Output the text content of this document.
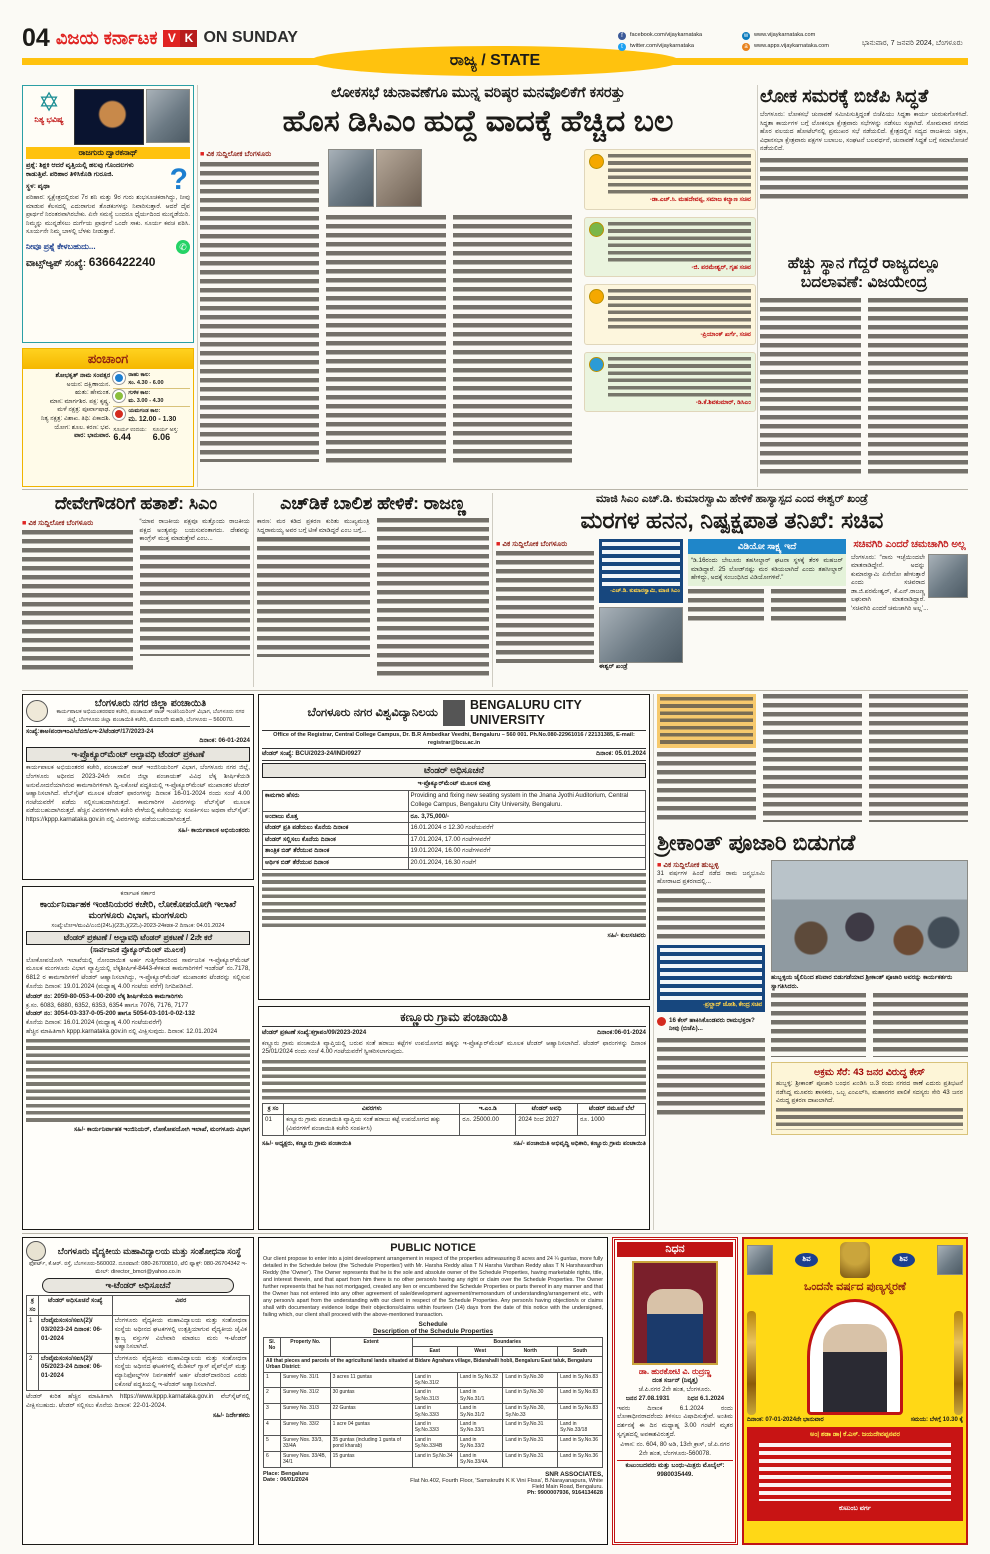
04 ವಿಜಯ ಕರ್ನಾಟಕ V K ON SUNDAY
ರಾಜ್ಯ / STATE
f	facebook.com/vijaykarnataka
t	twitter.com/vijaykarnataka
w	www.vijaykarnataka.com
a	www.apps.vijaykarnataka.com	ಭಾನುವಾರ, 7 ಜನವರಿ 2024, ಬೆಂಗಳೂರು
✡
ನಿತ್ಯ ಭವಿಷ್ಯ
ರಾಜಗುರು ದ್ವಾರಕನಾಥ್
?
ಪ್ರಶ್ನೆ: ಶಿಕ್ಷಕಿ ಆದರೆ ವೃತ್ತಿಯಲ್ಲಿ ಹಲವು ಗೊಂದಲಗಳು ಕಾಡುತ್ತಿವೆ. ಪರಿಹಾರ ತಿಳಿಸಿಕೊಡಿ ಗುರೂಜಿ.
ಸ್ಥಳ: ಪೃಥಾ
ಪರಿಹಾರ: ಸ್ವಕ್ಷೇತ್ರದಲ್ಲಿರುವ 7ರ ಶನಿ ಮತ್ತು 9ರ ಗುರು ಶುಭಸೂಚಕರಾಗಿದ್ದು, ನೀವು ಮಾಡುವ ಕೆಲಸದಲ್ಲಿ ಎದುರಾಗುವ ತೊಡಕುಗಳನ್ನು ನಿವಾರಿಸುತ್ತಾರೆ. ಆದರೆ ದೈವ ಪ್ರಾರ್ಥನೆ ನಿರಂತರವಾಗಿರಬೇಕು. ಏನೇ ಸಮಸ್ಯೆ ಬಂದರೂ ಧೈರ್ಯದಿಂದ ಮುನ್ನಡೆಯಿರಿ. ನಿಮ್ಮನ್ನು ಮುನ್ನಡೆಸಲು ದುರ್ಗೆಯ ಪ್ರಾರ್ಥನೆ ಒಂದೇ ಸಾಕು. ಸೂರ್ಯ ಕವಚ ಪಠಿಸಿ. ಸೂರ್ಯನೇ ನಿಮ್ಮ ಬಾಳಲ್ಲಿ ಬೆಳಕು ನೀಡುತ್ತಾನೆ.
ನೀವೂ ಪ್ರಶ್ನೆ ಕೇಳಬಹುದು...	✆
ವಾಟ್ಸ್‌ಆ್ಯಪ್ ಸಂಖ್ಯೆ: 6366422240
ಪಂಚಾಂಗ
ಶೋಭಕೃತ್ ನಾಮ ಸಂವತ್ಸರ
ಅಯನ: ದಕ್ಷಿಣಾಯನ.
ಋತು: ಹೇಮಂತ.
ಮಾಸ: ಮಾರ್ಗಶಿರ. ಪಕ್ಷ: ಕೃಷ್ಣ.
ಮಳೆ ನಕ್ಷತ್ರ: ಪೂರ್ವಾಷಾಢ.
ನಿತ್ಯ ನಕ್ಷತ್ರ: ವಿಶಾಖ. ತಿಥಿ: ಏಕಾದಶಿ.
ಯೋಗ: ಶೂಲ. ಕರಣ: ಭವ.
ವಾರ: ಭಾನುವಾರ.
ರಾಹು ಕಾಲ:
ಸಂ. 4.30 - 6.00
ಗುಳಿಕ ಕಾಲ:
ಮ. 3.00 - 4.30
ಯಮಗಂಡ ಕಾಲ:
ಮ. 12.00 - 1.30
ಸೂರ್ಯ ಉದಯ:
6.44
ಸೂರ್ಯ ಅಸ್ತ:
6.06
ಲೋಕಸಭೆ ಚುನಾವಣೆಗೂ ಮುನ್ನ ವರಿಷ್ಠರ ಮನವೊಲಿಕೆಗೆ ಕಸರತ್ತು
ಹೊಸ ಡಿಸಿಎಂ ಹುದ್ದೆ ವಾದಕ್ಕೆ ಹೆಚ್ಚಿದ ಬಲ
■ ವಿಕ ಸುದ್ದಿಲೋಕ ಬೆಂಗಳೂರು
-ಡಾ.ಎಚ್.ಸಿ. ಮಹದೇವಪ್ಪ, ಸಮಾಜ ಕಲ್ಯಾಣ ಸಚಿವ
-ಜಿ. ಪರಮೇಶ್ವರ್, ಗೃಹ ಸಚಿವ
-ಪ್ರಿಯಾಂಕ್ ಖರ್ಗೆ, ಸಚಿವ
-ಡಿ.ಕೆ.ಶಿವಕುಮಾರ್, ಡಿಸಿಎಂ
ಲೋಕ ಸಮರಕ್ಕೆ ಬಿಜೆಪಿ ಸಿದ್ಧತೆ
ಬೆಂಗಳೂರು: ಲೋಕಸಭೆ ಚುನಾವಣೆ ಸಮೀಪಿಸುತ್ತಿದ್ದಂತೆ ಬಿಜೆಪಿಯು ಸಿದ್ಧತಾ ಕಾರ್ಯ ಚುರುಕುಗೊಳಿಸಿದೆ. ಸಿದ್ಧತಾ ಕಾರ್ಯಗಳ ಬಗ್ಗೆ ಲೋಕಸಭಾ ಕ್ಷೇತ್ರವಾರು ಸಭೆಗಳನ್ನು ನಡೆಸಲು ಸಜ್ಜಾಗಿದೆ. ಸೋಮವಾರ ನಗರದ ಹೊರ ವಲಯದ ಹೋಟೆಲ್‌ನಲ್ಲಿ ಪ್ರಮುಖರ ಸಭೆ ನಡೆಯಲಿದೆ. ಕ್ಷೇತ್ರದಲ್ಲಿನ ಸದ್ಯದ ರಾಜಕೀಯ ಚಿತ್ರಣ, ವಿಧಾನಸಭಾ ಕ್ಷೇತ್ರವಾರು ಪಕ್ಷಗಳ ಬಲಾಬಲ, ಸಂಘಟನೆ ಬಲವರ್ಧನೆ, ಚುನಾವಣೆ ಸಿದ್ಧತೆ ಬಗ್ಗೆ ಸಮಾಲೋಚನೆ ನಡೆಯಲಿದೆ.
ಹೆಚ್ಚು ಸ್ಥಾನ ಗೆದ್ದರೆ ರಾಜ್ಯದಲ್ಲೂ ಬದಲಾವಣೆ: ವಿಜಯೇಂದ್ರ
ದೇವೇಗೌಡರಿಗೆ ಹತಾಶೆ: ಸಿಎಂ
■ ವಿಕ ಸುದ್ದಿಲೋಕ ಬೆಂಗಳೂರು	“ಯಾವ ರಾಜಕೀಯ ಪಕ್ಷವೂ ಮತ್ತೊಂದು ರಾಜಕೀಯ ಪಕ್ಷದ ಅಂತ್ಯವನ್ನು ಬಯಸುವಂತಾಗದು. ದೇಶವನ್ನು ಕಾಂಗ್ರೆಸ್ ಮುಕ್ತ ಮಾಡುತ್ತೇವೆ ಎಂಬ...
ಎಚ್‌ಡಿಕೆ ಬಾಲಿಶ ಹೇಳಿಕೆ: ರಾಜಣ್ಣ
ಕಾರಣ: ಮರ ಕಡಿದ ಪ್ರಕರಣ ಕುರಿತು ಮುಖ್ಯಮಂತ್ರಿ ಸಿದ್ದರಾಮಯ್ಯ ಅವರ ಬಗ್ಗೆ ಟೀಕೆ ಮಾಡಿದ್ದರೆ ಎಂಬ ಬಗ್ಗೆ...
ಮಾಜಿ ಸಿಎಂ ಎಚ್.ಡಿ. ಕುಮಾರಸ್ವಾಮಿ ಹೇಳಿಕೆ ಹಾಸ್ಯಾಸ್ಪದ ಎಂದ ಈಶ್ವರ್ ಖಂಡ್ರೆ
ಮರಗಳ ಹನನ, ನಿಷ್ಪಕ್ಷಪಾತ ತನಿಖೆ: ಸಚಿವ
■ ವಿಕ ಸುದ್ದಿಲೋಕ ಬೆಂಗಳೂರು
-ಎಚ್.ಡಿ. ಕುಮಾರಸ್ವಾಮಿ, ಮಾಜಿ ಸಿಎಂ
ಈಶ್ವರ್ ಖಂಡ್ರೆ
ವಿಡಿಯೋ ಸಾಕ್ಷ್ಯ ಇದೆ
“ಡಿ.16ರಂದು ಬೇಲೂರು ತಹಸೀಲ್ದಾರ್ ಘಟನಾ ಸ್ಥಳಕ್ಕೆ ತೆರಳಿ ಮಹಜರ್ ಮಾಡಿದ್ದಾರೆ. 25 ಲೋಡ್‌ನಷ್ಟು ಮರ ಕಡಿಯಲಾಗಿದೆ ಎಂದು ತಹಸೀಲ್ದಾರ್ ಹೇಳಿದ್ದು, ಅದಕ್ಕೆ ಸಂಬಂಧಿಸಿದ ವಿಡಿಯೋಗಳಿವೆ.”
ಸಚಿವಗಿರಿ ಎಂದರೆ ಚಮಚಾಗಿರಿ ಅಲ್ಲ
ಬೆಂಗಳೂರು: “ನಾನು ಇಚ್ಛೆಯಿಂದಲೇ ಮಾತನಾಡಿದ್ದೇನೆ. ಅದನ್ನು ಕುಮಾರಸ್ವಾಮಿ ಏನೇನೋ ಹೇಳುತ್ತಾರೆ ಎಂದು ಸಚಿವರಾದ ಡಾ.ಜಿ.ಪರಮೇಶ್ವರ್, ಕೆ.ಎನ್.ರಾಜಣ್ಣ ಲಘುವಾಗಿ ಮಾತನಾಡಿದ್ದಾರೆ. ‘ಸಚಿವಗಿರಿ ಎಂದರೆ ಚಮಚಾಗಿರಿ ಅಲ್ಲ’...
ಬೆಂಗಳೂರು ನಗರ ಜಿಲ್ಲಾ ಪಂಚಾಯಿತಿ
ಕಾರ್ಯಪಾಲಕ ಅಭಿಯಂತರರವರ ಕಚೇರಿ, ಪಂಚಾಯತ್ ರಾಜ್ ಇಂಜಿನಿಯರಿಂಗ್ ವಿಭಾಗ, ಬೆಂಗಳೂರು ನಗರ ಜಿಲ್ಲೆ, ಬೆಂಗಳೂರು ಜಿಲ್ಲಾ ಪಂಚಾಯಿತಿ ಕಚೇರಿ, ಮೊದಲನೇ ಮಹಡಿ, ಬೆಂಗಳೂರು – 560070.
ಸಂಖ್ಯೆ:ಕಾಅ/ಪಂರಾಇಂವಿ/ಬೆನಜಿ/ಎಇ-2/ಟೆಂಡರ್/17/2023-24
ದಿನಾಂಕ: 06-01-2024
ಇ-ಪ್ರೊಕ್ಯೂರ್‌ಮೆಂಟ್ ಆಲ್ಪಾವಧಿ ಟೆಂಡರ್ ಪ್ರಕಟಣೆ
ಕಾರ್ಯಪಾಲಕ ಅಭಿಯಂತರರ ಕಚೇರಿ, ಪಂಚಾಯತ್ ರಾಜ್ ಇಂಜಿನಿಯರಿಂಗ್ ವಿಭಾಗ, ಬೆಂಗಳೂರು ನಗರ ಜಿಲ್ಲೆ, ಬೆಂಗಳೂರು ಅಧೀನದ 2023-24ನೇ ಸಾಲಿನ ಜಿಲ್ಲಾ ಪಂಚಾಯತ್ ವಿವಿಧ ಲೆಕ್ಕ ಶೀರ್ಷಿಕೆಯಡಿ ಅನುಮೋದನೆಯಾಗಿರುವ ಕಾಮಗಾರಿಗಳಿಗಾಗಿ ದ್ವಿ-ಲಕೋಟೆ ಪದ್ಧತಿಯಲ್ಲಿ ಇ-ಪ್ರೊಕ್ಯೂರ್‌ಮೆಂಟ್ ಮುಖಾಂತರ ಟೆಂಡರ್ ಆಹ್ವಾನಿಸಲಾಗಿದೆ. ವೆಬ್‌ಸೈಟ್ ಮೂಲಕ ಟೆಂಡರ್ ಫಾರಂಗಳನ್ನು ದಿನಾಂಕ 16-01-2024 ರಂದು ಸಂಜೆ 4.00 ಗಂಟೆಯವರೆಗೆ ಪಡೆದು ಸಲ್ಲಿಸಬಹುದಾಗಿರುತ್ತದೆ. ಕಾಮಗಾರಿಗಳ ವಿವರಗಳನ್ನು ವೆಬ್‌ಸೈಟ್ ಮೂಲಕ ಪಡೆಯಬಹುದಾಗಿರುತ್ತದೆ. ಹೆಚ್ಚಿನ ವಿವರಗಳಿಗಾಗಿ ಕಚೇರಿ ವೇಳೆಯಲ್ಲಿ ಕಚೇರಿಯನ್ನು ಸಂಪರ್ಕಿಸಲು ಅಥವಾ ವೆಬ್‌ಸೈಟ್: https://kppp.karnataka.gov.in ನಲ್ಲಿ ವಿವರಗಳನ್ನು ಪಡೆಯಬಹುದಾಗಿರುತ್ತದೆ.
ಸಹಿ/- ಕಾರ್ಯಪಾಲಕ ಅಭಿಯಂತರರು
ಕರ್ನಾಟಕ ಸರ್ಕಾರ
ಕಾರ್ಯನಿರ್ವಾಹಕ ಇಂಜಿನಿಯರರ ಕಚೇರಿ, ಲೋಕೋಪಯೋಗಿ ಇಲಾಖೆ ಮಂಗಳೂರು ವಿಭಾಗ, ಮಂಗಳೂರು
ಸಂಖ್ಯೆ:ಲೋಇ/ಮಂವಿ/ಎಂಬಿ(24ಓ)(23ಓ)(22ಓ)-2023-24ಕಡತ-2 ದಿನಾಂಕ: 04.01.2024
ಟೆಂಡರ್ ಪ್ರಕಟಣೆ / ಅಲ್ಪಾವಧಿ ಟೆಂಡರ್ ಪ್ರಕಟಣೆ / 2ನೇ ಕರೆ
(ಸಾರ್ವಜನಿಕ ಪ್ರೊಕ್ಯೂರ್‌ಮೆಂಟ್ ಮೂಲಕ)
ಲೋಕೋಪಯೋಗಿ ಇಲಾಖೆಯಲ್ಲಿ ನೋಂದಾಯಿತ ಅರ್ಹ ಗುತ್ತಿಗೆದಾರರಿಂದ ಸಾರ್ವಜನಿಕ ಇ-ಪ್ರೊಕ್ಯೂರ್‌ಮೆಂಟ್ ಮೂಲಕ ಮಂಗಳೂರು ವಿಭಾಗ ವ್ಯಾಪ್ತಿಯಲ್ಲಿ ಲೆಕ್ಕಶೀರ್ಷಿಕೆ-8443-ಕೆಳಕಂಡ ಕಾಮಗಾರಿಗಳಿಗೆ ಇಂಡೆಂಟ್ ನಂ.7178, 6812 ರ ಕಾಮಗಾರಿಗಳಿಗೆ ಟೆಂಡರ್ ಆಹ್ವಾನಿಸಲಾಗಿದ್ದು, ಇ-ಪ್ರೊಕ್ಯೂರ್‌ಮೆಂಟ್ ಮುಖಾಂತರ ಟೆಂಡರನ್ನು ಸಲ್ಲಿಸುವ ಕೊನೆಯ ದಿನಾಂಕ: 19.01.2024 (ಮಧ್ಯಾಹ್ನ 4.00 ಗಂಟೆಯ ವರೆಗೆ) ನಿಗದಿಪಡಿಸಿದೆ.
ಟೆಂಡರ್ ನಂ: 2059-80-053-4-00-200 ಲೆಕ್ಕ ಶೀರ್ಷಿಕೆಯಡಿ ಕಾಮಗಾರಿಗಳು
ಕ್ರ.ಸಂ. 6083, 6880, 6352, 6353, 6354 ಹಾಗೂ 7076, 7176, 7177
ಟೆಂಡರ್ ನಂ: 3054-03-337-0-05-200 ಹಾಗೂ 5054-03-101-0-02-132
ಕೊನೆಯ ದಿನಾಂಕ: 16.01.2024 (ಮಧ್ಯಾಹ್ನ 4.00 ಗಂಟೆಯವರೆಗೆ)
ಹೆಚ್ಚಿನ ಮಾಹಿತಿಗಾಗಿ kppp.karnataka.gov.in ನಲ್ಲಿ ವೀಕ್ಷಿಸುವುದು. ದಿನಾಂಕ: 12.01.2024
ಸಹಿ/- ಕಾರ್ಯನಿರ್ವಾಹಕ ಇಂಜಿನಿಯರ್, ಲೋಕೋಪಯೋಗಿ ಇಲಾಖೆ, ಮಂಗಳೂರು ವಿಭಾಗ
ಬೆಂಗಳೂರು ನಗರ ವಿಶ್ವವಿದ್ಯಾನಿಲಯ
BENGALURU CITY UNIVERSITY
Office of the Registrar, Central College Campus, Dr. B.R Ambedkar Veedhi, Bengaluru – 560 001. Ph.No.080-22961016 / 22131385, E-mail: registrar@bcu.ac.in
ಟೆಂಡರ್ ಸಂಖ್ಯೆ: BCU/2023-24/IND/0927	ದಿನಾಂಕ: 05.01.2024
ಟೆಂಡರ್ ಅಧಿಸೂಚನೆ
ಇ-ಪ್ರೊಕ್ಯೂರ್‌ಮೆಂಟ್ ಮೂಲಕ ಮಾತ್ರ
ಕಾಮಗಾರಿ ಹೆಸರು	Providing and fixing new seating system in the Jnana Jyothi Auditorium, Central College Campus, Bengaluru City University, Bengaluru.
ಅಂದಾಜು ಮೊತ್ತ	ರೂ. 3,75,000/-
ಟೆಂಡರ್ ಪ್ರತಿ ಪಡೆಯಲು ಕೊನೆಯ ದಿನಾಂಕ	16.01.2024 ರ 12.30 ಗಂಟೆಯವರೆಗೆ
ಟೆಂಡರ್ ಸಲ್ಲಿಸಲು ಕೊನೆಯ ದಿನಾಂಕ	17.01.2024, 17.00 ಗಂಟೆಗಳವರೆಗೆ
ತಾಂತ್ರಿಕ ಬಿಡ್ ತೆರೆಯುವ ದಿನಾಂಕ	19.01.2024, 16.00 ಗಂಟೆಗಳವರೆಗೆ
ಆರ್ಥಿಕ ಬಿಡ್ ತೆರೆಯುವ ದಿನಾಂಕ	20.01.2024, 16.30 ಗಂಟೆಗೆ
ಸಹಿ/- ಕುಲಸಚಿವರು
ಕಣ್ಣೂರು ಗ್ರಾಮ ಪಂಚಾಯಿತಿ
ಟೆಂಡರ್ ಪ್ರಕಟಣೆ ಸಂಖ್ಯೆ:ಕಗ್ರಾಪಂ/09/2023-2024	ದಿನಾಂಕ:06-01-2024
ಕಣ್ಣೂರು ಗ್ರಾಮ ಪಂಚಾಯಿತಿ ವ್ಯಾಪ್ತಿಯಲ್ಲಿ ಬರುವ ಸಂತೆ ಹರಾಜು ಕಟ್ಟೆಗಳ ಉಪಯೋಗದ ಹಕ್ಕನ್ನು ಇ-ಪ್ರೊಕ್ಯೂರ್‌ಮೆಂಟ್ ಮೂಲಕ ಟೆಂಡರ್ ಆಹ್ವಾನಿಸಲಾಗಿದೆ. ಟೆಂಡರ್ ಫಾರಂಗಳನ್ನು ದಿನಾಂಕ 25/01/2024 ರಂದು ಸಂಜೆ 4.00 ಗಂಟೆಯವರೆಗೆ ಸ್ವೀಕರಿಸಲಾಗುವುದು.
ಕ್ರ ಸಂ	ವಿವರಗಳು	ಇ.ಎಂ.ಡಿ	ಟೆಂಡರ್ ಅವಧಿ	ಟೆಂಡರ್ ನಮೂನೆ ಬೆಲೆ
01	ಕಣ್ಣೂರು ಗ್ರಾಮ ಪಂಚಾಯಿತಿ ವ್ಯಾಪ್ತಿಯ ಸಂತೆ ಹರಾಜು ಕಟ್ಟೆ ಉಪಯೋಗದ ಹಕ್ಕು (ವಿವರಗಳಿಗೆ ಪಂಚಾಯಿತಿ ಕಚೇರಿ ಸಂಪರ್ಕಿಸಿ)	ರೂ. 25000.00	2024 ರಿಂದ 2027	ರೂ. 1000
ಸಹಿ/- ಅಧ್ಯಕ್ಷರು, ಕಣ್ಣೂರು ಗ್ರಾಮ ಪಂಚಾಯಿತಿ	ಸಹಿ/- ಪಂಚಾಯಿತಿ ಅಭಿವೃದ್ಧಿ ಅಧಿಕಾರಿ, ಕಣ್ಣೂರು ಗ್ರಾಮ ಪಂಚಾಯಿತಿ
ಶ್ರೀಕಾಂತ್ ಪೂಜಾರಿ ಬಿಡುಗಡೆ
■ ವಿಕ ಸುದ್ದಿಲೋಕ ಹುಬ್ಬಳ್ಳಿ
31 ವರ್ಷಗಳ ಹಿಂದೆ ನಡೆದ ರಾಮ ಜನ್ಮಭೂಮಿ ಹೋರಾಟದ ಪ್ರಕರಣದಲ್ಲಿ...
-ಪ್ರಲ್ಹಾದ್ ಜೋಶಿ, ಕೇಂದ್ರ ಸಚಿವ
16 ಕೇಸ್ ಹಾಕಿಸಿಕೊಂಡವರು ರಾಮಭಕ್ತರಾ? ನೀವು (ಬಿಜೆಪಿ)...
ಹುಬ್ಬಳ್ಳಿಯ ಜೈಲಿನಿಂದ ಶನಿವಾರ ಬಿಡುಗಡೆಯಾದ ಶ್ರೀಕಾಂತ್ ಪೂಜಾರಿ ಅವರನ್ನು ಕಾರ್ಯಕರ್ತರು ಸ್ವಾಗತಿಸಿದರು.
ಅಕ್ರಮ ಸೆರೆ: 43 ಜನರ ವಿರುದ್ಧ ಕೇಸ್
ಹುಬ್ಬಳ್ಳಿ: ಶ್ರೀಕಾಂತ್ ಪೂಜಾರಿ ಬಂಧನ ಖಂಡಿಸಿ ಜ.3 ರಂದು ನಗರದ ಠಾಣೆ ಎದುರು ಪ್ರತಿಭಟನೆ ನಡೆಸಿದ್ದ ಮೂವರು ಶಾಸಕರು, ಒಬ್ಬ ಎಂಎಲ್‌ಸಿ, ಮಹಾನಗರ ಪಾಲಿಕೆ ಸದಸ್ಯರು ಸೇರಿ 43 ಜನರ ವಿರುದ್ಧ ಪ್ರಕರಣ ದಾಖಲಾಗಿದೆ.
ಬೆಂಗಳೂರು ವೈದ್ಯಕೀಯ ಮಹಾವಿದ್ಯಾಲಯ ಮತ್ತು ಸಂಶೋಧನಾ ಸಂಸ್ಥೆ
ಫೋರ್ಟ್, ಕೆ.ಆರ್. ರಸ್ತೆ, ಬೆಂಗಳೂರು-560002. ದೂರವಾಣಿ: 080-26700810, ಟೆಲಿ ಫ್ಯಾಕ್ಸ್: 080-26704342 ಇ-ಮೇಲ್: director_bmcri@yahoo.co.in
ಇ-ಟೆಂಡರ್ ಅಧಿಸೂಚನೆ
ಕ್ರ ಸಂ	ಟೆಂಡರ್ ಅಧಿಸೂಚನೆ ಸಂಖ್ಯೆ	ವಿವರ
1	ಬೆಂವೈಮಸಂಸಂ/ಸಐಸಿ(2)/ 03/2023-24 ದಿನಾಂಕ: 06-01-2024	ಬೆಂಗಳೂರು ವೈದ್ಯಕೀಯ ಮಹಾವಿದ್ಯಾಲಯ ಮತ್ತು ಸಂಶೋಧನಾ ಸಂಸ್ಥೆಯ ಅಧೀನದ ಘಟಕಗಳಲ್ಲಿ ಉತ್ಪತ್ತಿಯಾಗುವ ವೈದ್ಯಕೀಯ ಜೈವಿಕ ತ್ಯಾಜ್ಯ ವಸ್ತುಗಳ ವಿಲೇವಾರಿ ಮಾಡಲು ಮರು ಇ-ಟೆಂಡರ್ ಅಹ್ವಾನಿಸಲಾಗಿದೆ.
2	ಬೆಂವೈಮಸಂಸಂ/ಸಐಸಿ(2)/ 05/2023-24 ದಿನಾಂಕ: 06-01-2024	ಬೆಂಗಳೂರು ವೈದ್ಯಕೀಯ ಮಹಾವಿದ್ಯಾಲಯ ಮತ್ತು ಸಂಶೋಧನಾ ಸಂಸ್ಥೆಯ ಅಧೀನದ ಘಟಕಗಳಲ್ಲಿ ಮೆಡಿಕಲ್ ಗ್ಯಾಸ್ ಪೈಪ್‌ಲೈನ್ ಮತ್ತು ಮ್ಯಾನಿಫೋಲ್ಡ್‌ಗಳ ನಿರ್ವಹಣೆಗೆ ಅರ್ಹ ಟೆಂಡರ್‌ದಾರರಿಂದ ಎರಡು ಲಕೋಟೆ ಪದ್ಧತಿಯಲ್ಲಿ ಇ-ಟೆಂಡರ್ ಅಹ್ವಾನಿಸಲಾಗಿದೆ.
ಟೆಂಡರ್ ಕುರಿತ ಹೆಚ್ಚಿನ ಮಾಹಿತಿಗಾಗಿ https://www.kppp.karnataka.gov.in ವೆಬ್‌ಸೈಟ್‌ನಲ್ಲಿ ವೀಕ್ಷಿಸಬಹುದು. ಟೆಂಡರ್ ಸಲ್ಲಿಸಲು ಕೊನೆಯ ದಿನಾಂಕ: 22-01-2024.
ಸಹಿ/- ನಿರ್ದೇಶಕರು
PUBLIC NOTICE
Our client propose to enter into a joint development arrangement in respect of the properties admeasuring 8 acres and 24 ¼ guntas, more fully detailed in the Schedule below (the 'Schedule Properties') with Mr. Harsha Reddy alias T N Harsha Vardhan Reddy alias T N Harshavardhan Reddy (the 'Owner'). The Owner represents that he is the sole and absolute owner of the Schedule Properties, having marketable rights, title, and interest therein, and that apart from him there is no other person/s having any right or claim over the Schedule Properties. The Owner further represents that he has not mortgaged, created any lien or encumbered the Schedule Properties or parts thereof in any manner and that the Owner has not entered into any other agreement of sale/development agreement/memorandum of understanding/arrangement etc., with any person/s apart from the understanding with our client in respect of the Schedule Properties. Any person/s having objection/s or claims shall with documentary evidence lodge their objections/claims within fourteen (14) days from the date of this notice with the undersigned, failing which, our client shall proceed with the above-mentioned transaction.
Schedule
Description of the Schedule Properties
Sl. No	Property No.	Extent	Boundaries			
			East	West	North	South
All that pieces and parcels of the agricultural lands situated at Bidare Agrahara village, Bidarahalli hobli, Bengaluru East taluk, Bengaluru Urban District:						
1	Survey No. 31/1	3 acres 11 guntas	Land in Sy.No.31/2	Land in Sy.No.32	Land in Sy.No.30	Land in Sy.No.83
2	Survey No. 31/2	30 guntas	Land in Sy.No.31/3	Land in Sy.No.31/1	Land in Sy.No.30	Land in Sy.No.83
3	Survey No. 31/3	22 Guntas	Land in Sy.No.33/3	Land in Sy.No.31/2	Land in Sy.No.30, Sy.No.33	Land in Sy.No.83
4	Survey No. 33/2	1 acre 04 guntas	Land in Sy.No.33/3	Land in Sy.No.33/1	Land in Sy.No.31	Land in Sy.No.33/18
5	Survey Nos. 33/3, 33/4A	35 guntas (including 1 gunta of pond kharab)	Land in Sy.No.33/4B	Land in Sy.No.33/2	Land in Sy.No.31	Land in Sy.No.36
6	Survey Nos. 33/4B, 34/1	15 guntas	Land in Sy.No.34	Land in Sy.No.33/4A	Land in Sy.No.31	Land in Sy.No.36
Place: Bengaluru
Date : 06/01/2024
SNR ASSOCIATES,
Flat No.402, Fourth Floor, 'Samskruthi K K Vini Flssa', B.Narayanapura, White Field Main Road, Bengaluru.
Ph: 9900007936, 9164134628
ನಿಧನ
ಡಾ. ಹುರಕೋಟಿ ವಿ. ರುದ್ರಣ್ಣ
ದಂತ ಸರ್ಜನ್ (ನಿವೃತ್ತ)
ಜೆ.ಪಿ.ನಗರ 2ನೇ ಹಂತ, ಬೆಂಗಳೂರು.
ಜನನ 27.08.1931	ನಿಧನ 6.1.2024
ಇವರು ದಿನಾಂಕ 6.1.2024 ರಂದು ಲೋಕಾಧೀನರಾದರೆಂದು ತಿಳಿಸಲು ವಿಷಾದಿಸುತ್ತೇವೆ. ಅಂತಿಮ ದರ್ಶನಕ್ಕೆ ಈ ದಿನ ಮಧ್ಯಾಹ್ನ 3.00 ಗಂಟೆಗೆ ಮೃತರ ಸ್ವಗೃಹದಲ್ಲಿ ಅವಕಾಶವಿರುತ್ತದೆ.
ವಿಳಾಸ: ನಂ. 604, 80 ಅಡಿ, 13ನೇ ಕ್ರಾಸ್, ಜೆ.ಪಿ.ನಗರ 2ನೇ ಹಂತ, ಬೆಂಗಳೂರು-560078.
ಕುಟುಂಬದವರು ಮತ್ತು ಬಂಧು-ಮಿತ್ರರು ಮೊಬೈಲ್: 9980035449.
ಶಿವ	ಶಿವ
ಒಂದನೇ ವರ್ಷದ ಪುಣ್ಯಸ್ಮರಣೆ
ದಿನಾಂಕ: 07-01-2024ನೇ ಭಾನುವಾರ	ಸಮಯ: ಬೆಳಗ್ಗೆ 10.30 ಕ್ಕೆ
ಅಂ| ಶಡಾ ಡಾ| ಕೆ.ಎಸ್. ಜಯದೇವಪ್ಪನವರ
ಕುಟುಂಬ ವರ್ಗ
